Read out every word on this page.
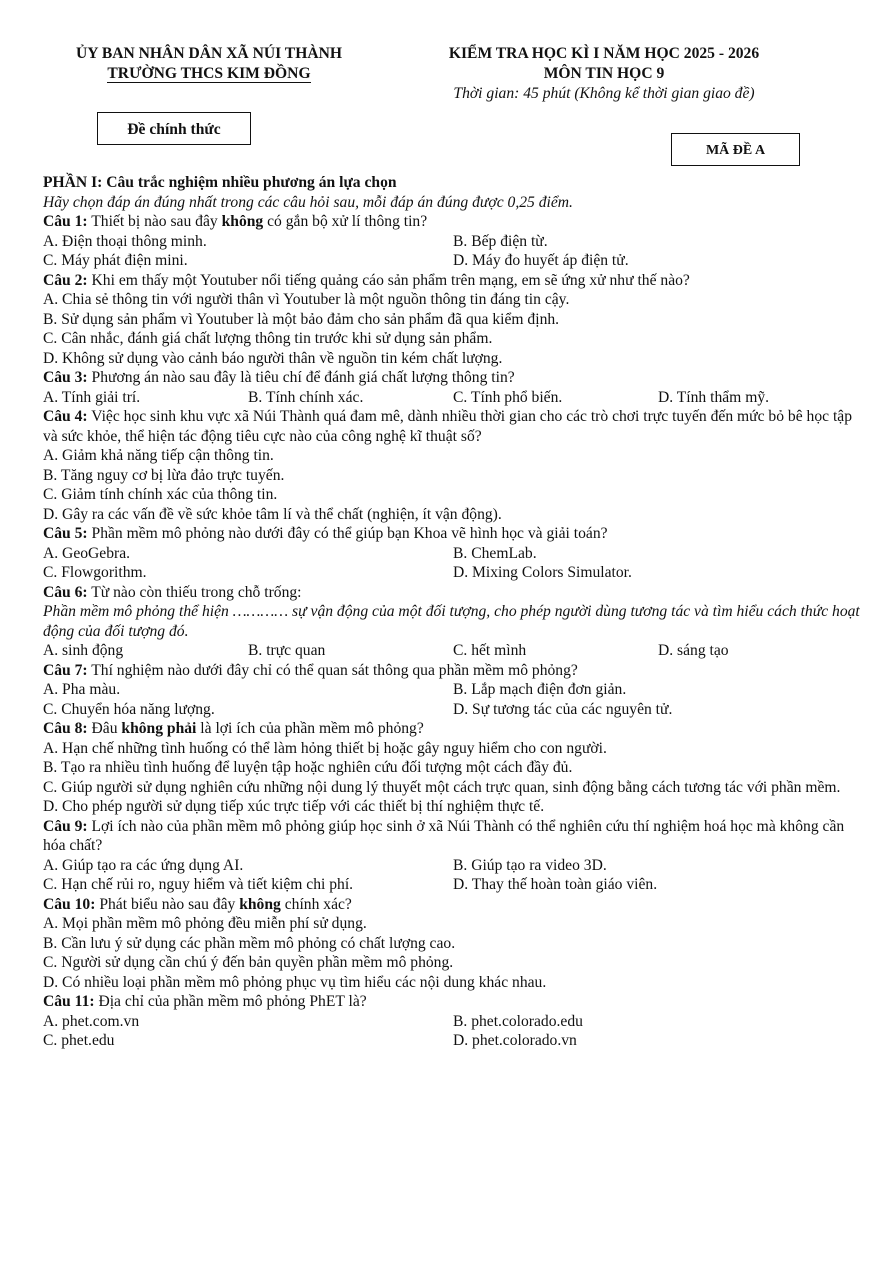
ỦY BAN NHÂN DÂN XÃ NÚI THÀNH
TRƯỜNG THCS KIM ĐỒNG
KIỂM TRA HỌC KÌ I NĂM HỌC 2025 - 2026
MÔN TIN HỌC 9
Thời gian: 45 phút (Không kể thời gian giao đề)
Đề chính thức
MÃ ĐỀ A
PHẦN I: Câu trắc nghiệm nhiều phương án lựa chọn
Hãy chọn đáp án đúng nhất trong các câu hỏi sau, mỗi đáp án đúng được 0,25 điểm.
Câu 1: Thiết bị nào sau đây không có gắn bộ xử lí thông tin?
A. Điện thoại thông minh.	B. Bếp điện từ.
C. Máy phát điện mini.	D. Máy đo huyết áp điện tử.
Câu 2: Khi em thấy một Youtuber nổi tiếng quảng cáo sản phẩm trên mạng, em sẽ ứng xử như thế nào?
A. Chia sẻ thông tin với người thân vì Youtuber là một nguồn thông tin đáng tin cậy.
B. Sử dụng sản phẩm vì Youtuber là một bảo đảm cho sản phẩm đã qua kiểm định.
C. Cân nhắc, đánh giá chất lượng thông tin trước khi sử dụng sản phẩm.
D. Không sử dụng vào cảnh báo người thân về nguồn tin kém chất lượng.
Câu 3: Phương án nào sau đây là tiêu chí để đánh giá chất lượng thông tin?
A. Tính giải trí.	B. Tính chính xác.	C. Tính phổ biến.	D. Tính thẩm mỹ.
Câu 4: Việc học sinh khu vực xã Núi Thành quá đam mê, dành nhiều thời gian cho các trò chơi trực tuyến đến mức bỏ bê học tập và sức khỏe, thể hiện tác động tiêu cực nào của công nghệ kĩ thuật số?
A. Giảm khả năng tiếp cận thông tin.
B. Tăng nguy cơ bị lừa đảo trực tuyến.
C. Giảm tính chính xác của thông tin.
D. Gây ra các vấn đề về sức khỏe tâm lí và thể chất (nghiện, ít vận động).
Câu 5: Phần mềm mô phỏng nào dưới đây có thể giúp bạn Khoa vẽ hình học và giải toán?
A. GeoGebra.	B. ChemLab.
C. Flowgorithm.	D. Mixing Colors Simulator.
Câu 6: Từ nào còn thiếu trong chỗ trống:
Phần mềm mô phỏng thể hiện ………… sự vận động của một đối tượng, cho phép người dùng tương tác và tìm hiểu cách thức hoạt động của đối tượng đó.
A. sinh động	B. trực quan	C. hết mình	D. sáng tạo
Câu 7: Thí nghiệm nào dưới đây chỉ có thể quan sát thông qua phần mềm mô phỏng?
A. Pha màu.	B. Lắp mạch điện đơn giản.
C. Chuyển hóa năng lượng.	D. Sự tương tác của các nguyên tử.
Câu 8: Đâu không phải là lợi ích của phần mềm mô phỏng?
A. Hạn chế những tình huống có thể làm hỏng thiết bị hoặc gây nguy hiểm cho con người.
B. Tạo ra nhiều tình huống để luyện tập hoặc nghiên cứu đối tượng một cách đầy đủ.
C. Giúp người sử dụng nghiên cứu những nội dung lý thuyết một cách trực quan, sinh động bằng cách tương tác với phần mềm.
D. Cho phép người sử dụng tiếp xúc trực tiếp với các thiết bị thí nghiệm thực tế.
Câu 9: Lợi ích nào của phần mềm mô phỏng giúp học sinh ở xã Núi Thành có thể nghiên cứu thí nghiệm hoá học mà không cần hóa chất?
A. Giúp tạo ra các ứng dụng AI.	B. Giúp tạo ra video 3D.
C. Hạn chế rủi ro, nguy hiểm và tiết kiệm chi phí.	D. Thay thế hoàn toàn giáo viên.
Câu 10: Phát biểu nào sau đây không chính xác?
A. Mọi phần mềm mô phỏng đều miễn phí sử dụng.
B. Cần lưu ý sử dụng các phần mềm mô phỏng có chất lượng cao.
C. Người sử dụng cần chú ý đến bản quyền phần mềm mô phỏng.
D. Có nhiều loại phần mềm mô phỏng phục vụ tìm hiểu các nội dung khác nhau.
Câu 11: Địa chỉ của phần mềm mô phỏng PhET là?
A. phet.com.vn	B. phet.colorado.edu
C. phet.edu	D. phet.colorado.vn
